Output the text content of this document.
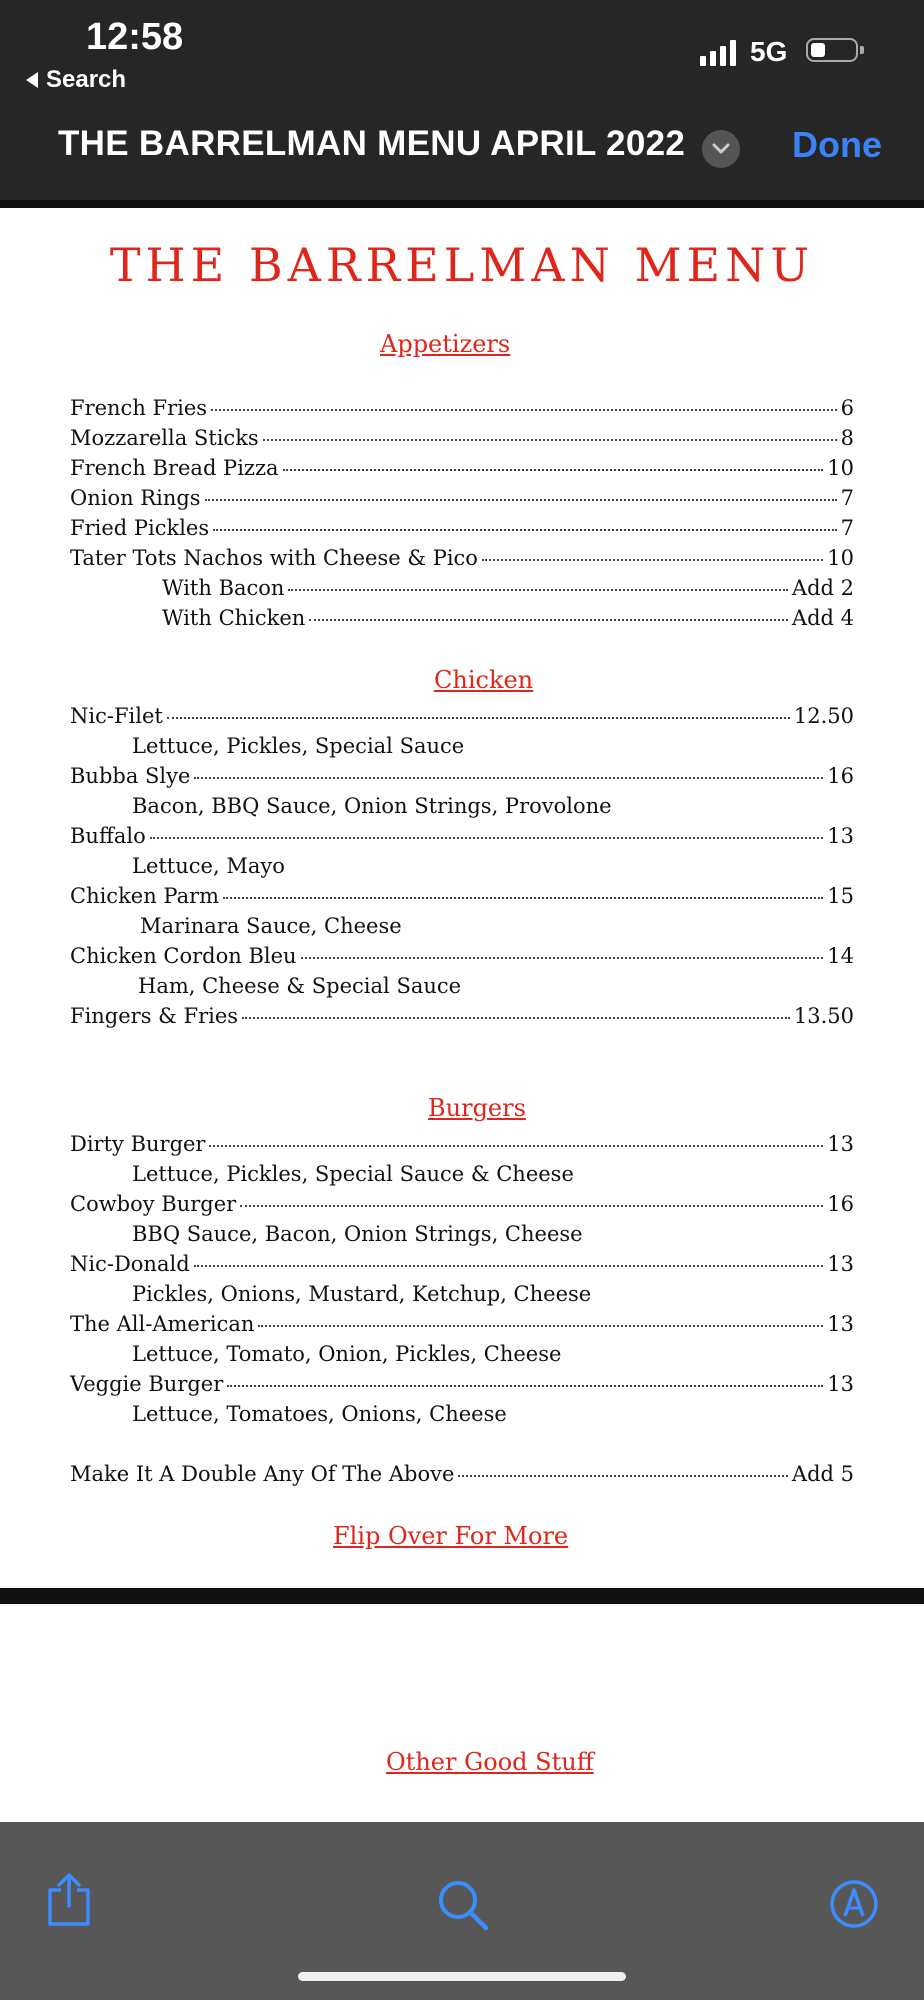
12:58
Search
5G
THE BARRELMAN MENU APRIL 2022	Done
THE BARRELMAN MENU
Appetizers
French Fries	6
Mozzarella Sticks	8
French Bread Pizza	10
Onion Rings	7
Fried Pickles	7
Tater Tots Nachos with Cheese & Pico	10
With Bacon	Add 2
With Chicken	Add 4
Chicken
Nic-Filet	12.50
Lettuce, Pickles, Special Sauce
Bubba Slye	16
Bacon, BBQ Sauce, Onion Strings, Provolone
Buffalo	13
Lettuce, Mayo
Chicken Parm	15
Marinara Sauce, Cheese
Chicken Cordon Bleu	14
Ham, Cheese & Special Sauce
Fingers & Fries	13.50
Burgers
Dirty Burger	13
Lettuce, Pickles, Special Sauce & Cheese
Cowboy Burger	16
BBQ Sauce, Bacon, Onion Strings, Cheese
Nic-Donald	13
Pickles, Onions, Mustard, Ketchup, Cheese
The All-American	13
Lettuce, Tomato, Onion, Pickles, Cheese
Veggie Burger	13
Lettuce, Tomatoes, Onions, Cheese
Make It A Double Any Of The Above	Add 5
Flip Over For More
Other Good Stuff
